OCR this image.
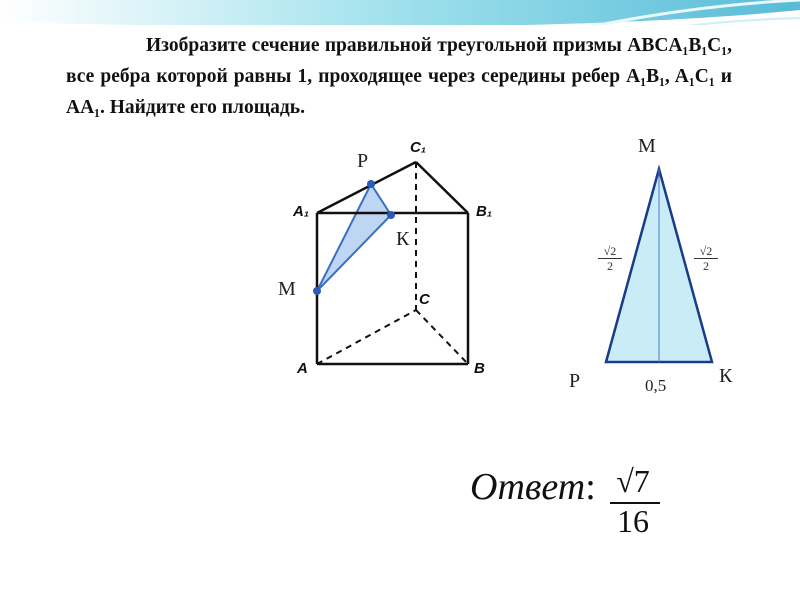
Изобразите сечение правильной треугольной призмы ABCA₁B₁C₁, все ребра которой равны 1, проходящее через середины ребер A₁B₁, A₁C₁ и AA₁. Найдите его площадь.

C₁
A₁	B₁
C
A	B
Р
К
М
М
Р	К
$\frac{√2}{2}$	$\frac{√2}{2}$
0,5
Ответ: √7
16
